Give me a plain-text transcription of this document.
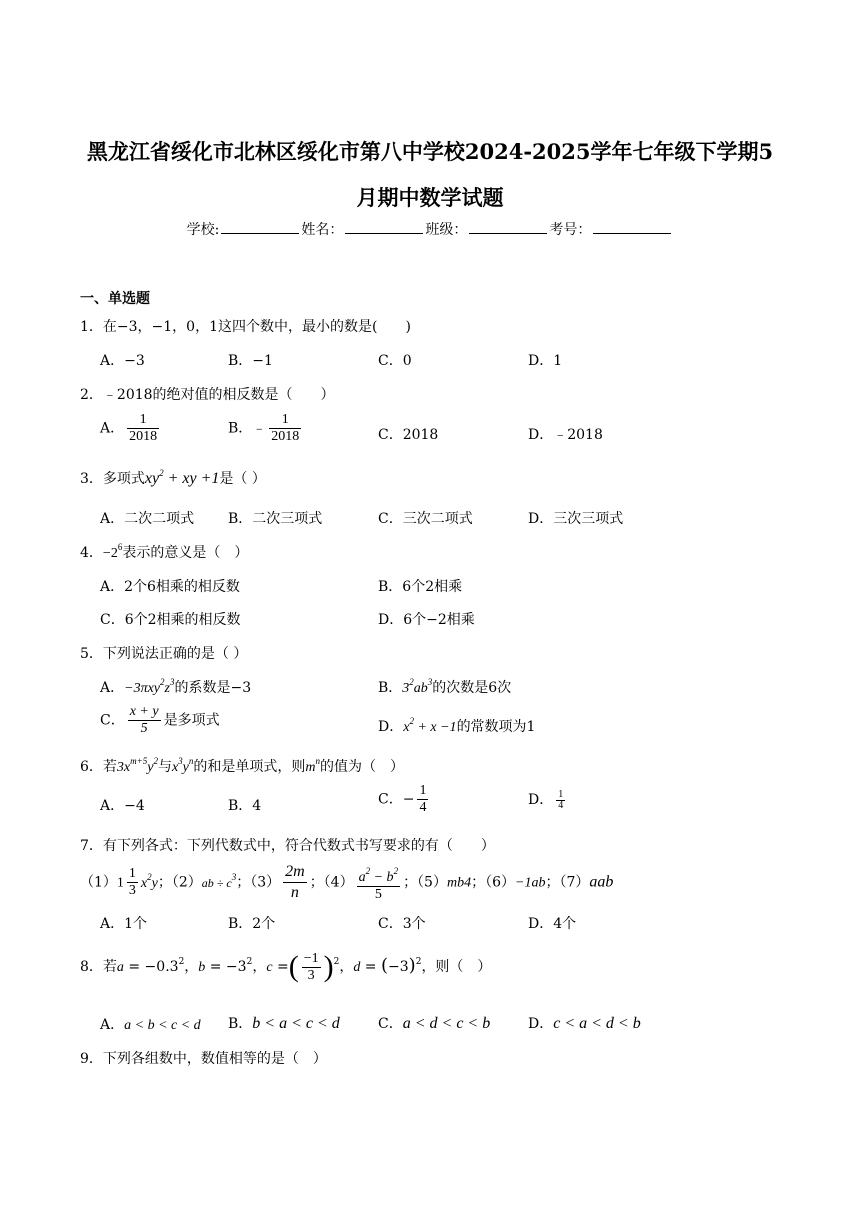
黑龙江省绥化市北林区绥化市第八中学校2024-2025学年七年级下学期5
月期中数学试题
学校:	姓名：	班级：	考号：
一、单选题
1．在−3，−1，0，1这四个数中，最小的数是(　　)
A．−3	B．−1	C．0	D．1
2．﹣2018的绝对值的相反数是（　　）
A． $\frac{1}{2018}$	B．﹣ $\frac{1}{2018}$	C．2018	D．﹣2018
3．多项式$xy^2$ + xy +1是（ ）
A．二次二项式 B．二次三项式	C．三次二项式	D．三次三项式
4．$-2^6$表示的意义是（　）
A．2个6相乘的相反数	B．6个2相乘
C．6个2相乘的相反数	D．6个−2相乘
5．下列说法正确的是（ ）
A．$-3\pi xy^2z^3$的系数是−3	B．$3^2ab^3$的次数是6次
C． $\frac{x + y}{5}$ 是多项式	D．$x^2 + x -1$的常数项为1
6．若$3x^{m+5}y^2$与$x^3y^n$的和是单项式，则$m^n$的值为（　）
A．−4	B．4	C．− $\frac{1}{4}$	D． $\frac{1}{4}$
7．有下列各式：下列代数式中，符合代数式书写要求的有（　　）
$(1)1 \frac{1}{3} x^2y$；$(2)ab \div c^3$；$(3) \frac{2m}{n}$ ；$(4) \frac{a^2 - b^2}{5}$ ；（5）mb4；（6）−1ab；（7）aab
A．1个	B．2个	C．3个	D．4个
8．若$a = -0.3^2$，$b = -3^2$，c =( $\frac{-1}{3} )^2$，$d = (-3)^2$，则（　）
A．a < b < c < d B．b < a < c < d	C．a < d < c < b	D．c < a < d < b
9．下列各组数中，数值相等的是（　）
